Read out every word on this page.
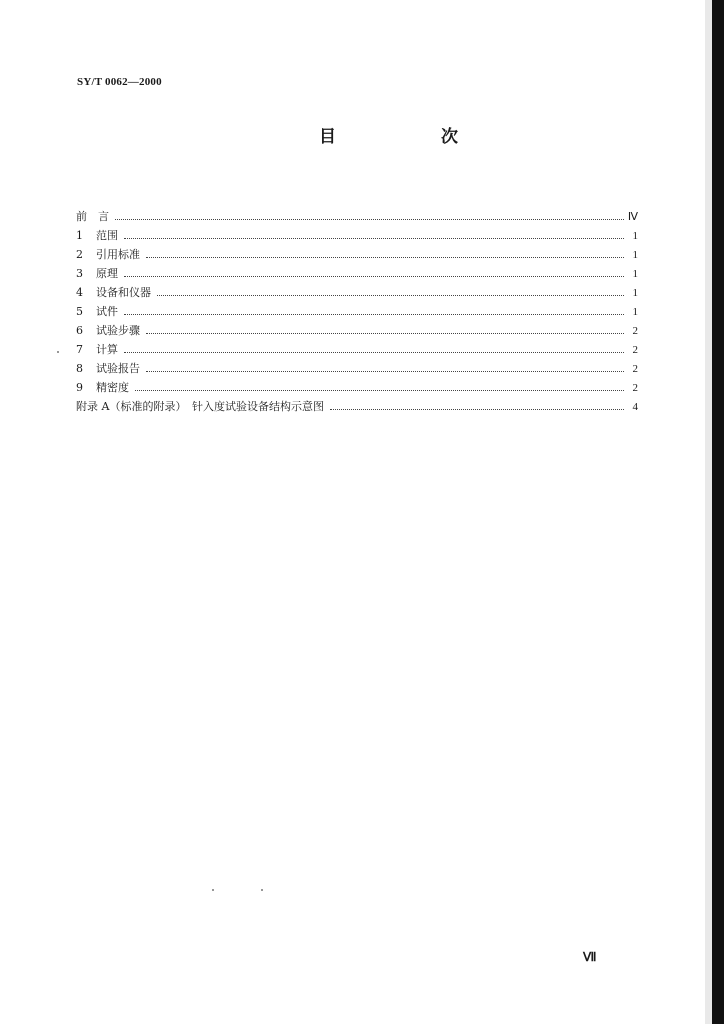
SY/T 0062—2000
目　次
前　言	Ⅳ
1	范围	1
2	引用标准	1
3	原理	1
4	设备和仪器	1
5	试件	1
6	试验步骤	2
7	计算	2
8	试验报告	2
9	精密度	2
附录 A（标准的附录）　针入度试验设备结构示意图	4
Ⅶ
